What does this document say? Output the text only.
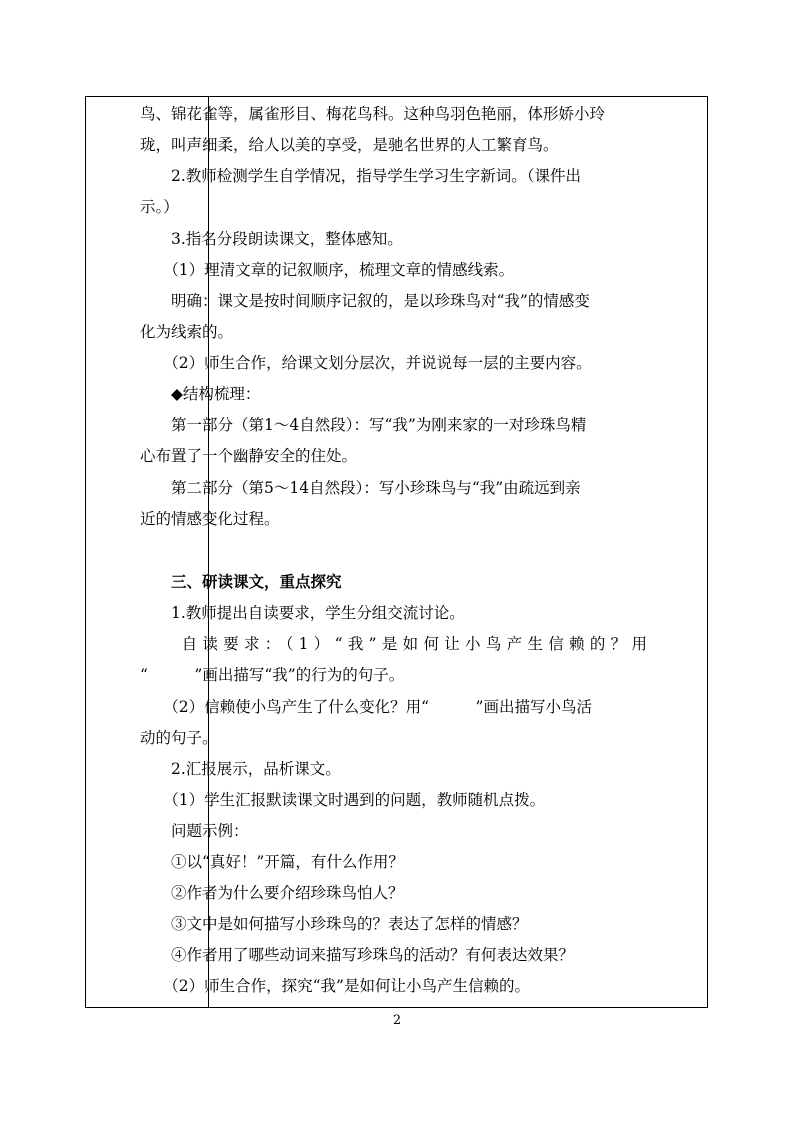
鸟、锦花雀等，属雀形目、梅花鸟科。这种鸟羽色艳丽，体形娇小玲
珑，叫声细柔，给人以美的享受，是驰名世界的人工繁育鸟。
　　2.教师检测学生自学情况，指导学生学习生字新词。（课件出
示。）
　　3.指名分段朗读课文，整体感知。
　　（1）理清文章的记叙顺序，梳理文章的情感线索。
　　明确：课文是按时间顺序记叙的，是以珍珠鸟对“我”的情感变
化为线索的。
　　（2）师生合作，给课文划分层次，并说说每一层的主要内容。
　　◆结构梳理：
　　第一部分（第1～4自然段）：写“我”为刚来家的一对珍珠鸟精
心布置了一个幽静安全的住处。
　　第二部分（第5～14自然段）：写小珍珠鸟与“我”由疏远到亲
近的情感变化过程。
　　三、研读课文，重点探究
　　1.教师提出自读要求，学生分组交流讨论。
　　自读要求：（1）“我”是如何让小鸟产生信赖的？用
“　　　”画出描写“我”的行为的句子。
　　（2）信赖使小鸟产生了什么变化？用“　　　”画出描写小鸟活
动的句子。
　　2.汇报展示，品析课文。
　　（1）学生汇报默读课文时遇到的问题，教师随机点拨。
　　问题示例：
　　①以“真好！”开篇，有什么作用？
　　②作者为什么要介绍珍珠鸟怕人？
　　③文中是如何描写小珍珠鸟的？表达了怎样的情感？
　　④作者用了哪些动词来描写珍珠鸟的活动？有何表达效果？
　　（2）师生合作，探究“我”是如何让小鸟产生信赖的。
2
